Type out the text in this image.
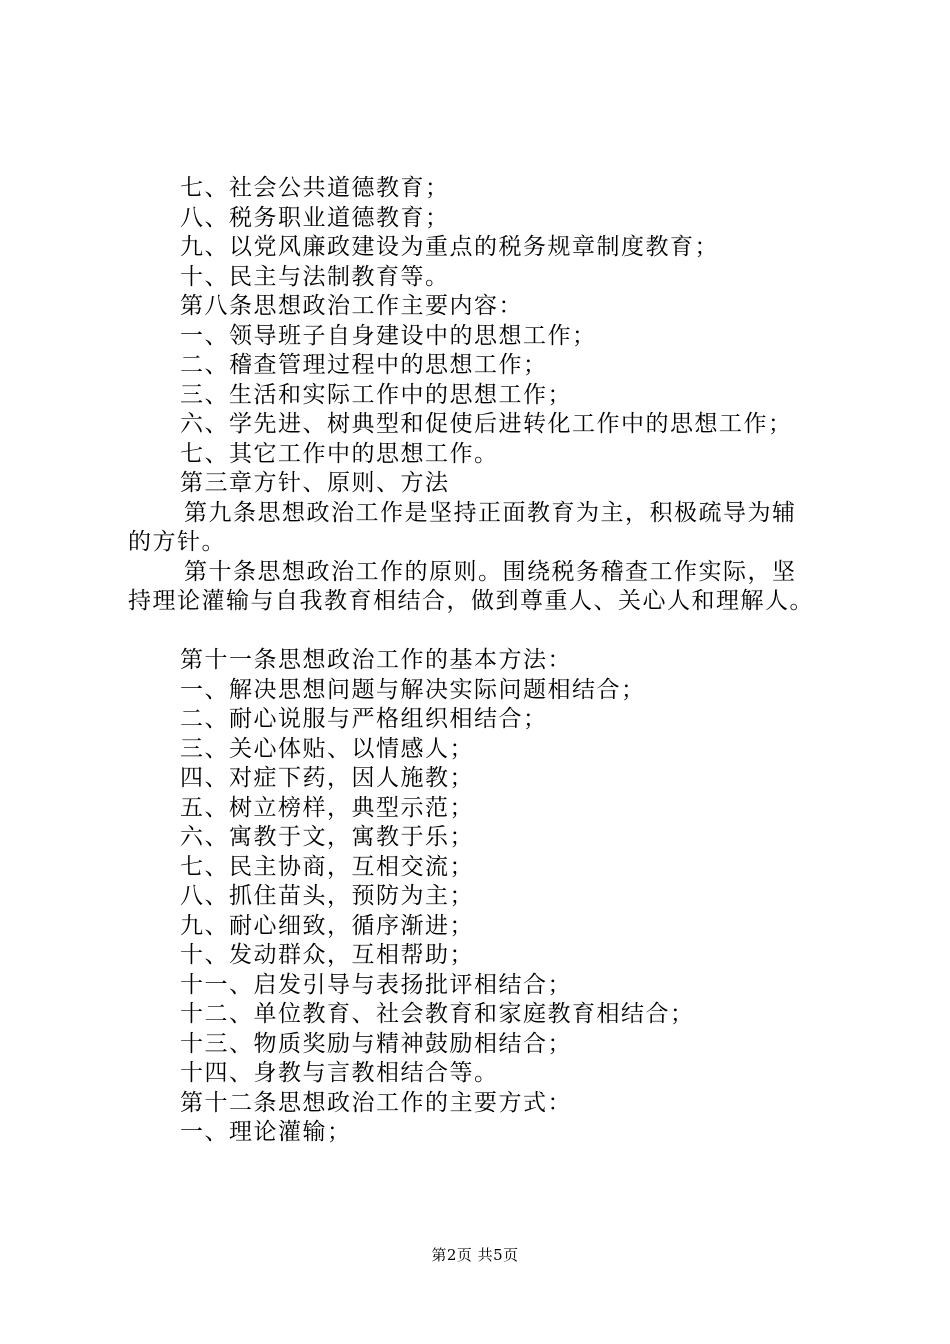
七、社会公共道德教育；
八、税务职业道德教育；
九、以党风廉政建设为重点的税务规章制度教育；
十、民主与法制教育等。
第八条思想政治工作主要内容：
一、领导班子自身建设中的思想工作；
二、稽查管理过程中的思想工作；
三、生活和实际工作中的思想工作；
六、学先进、树典型和促使后进转化工作中的思想工作；
七、其它工作中的思想工作。
第三章方针、原则、方法
第九条思想政治工作是坚持正面教育为主，积极疏导为辅
的方针。
第十条思想政治工作的原则。围绕税务稽查工作实际，坚
持理论灌输与自我教育相结合，做到尊重人、关心人和理解人。
第十一条思想政治工作的基本方法：
一、解决思想问题与解决实际问题相结合；
二、耐心说服与严格组织相结合；
三、关心体贴、以情感人；
四、对症下药，因人施教；
五、树立榜样，典型示范；
六、寓教于文，寓教于乐；
七、民主协商，互相交流；
八、抓住苗头，预防为主；
九、耐心细致，循序渐进；
十、发动群众，互相帮助；
十一、启发引导与表扬批评相结合；
十二、单位教育、社会教育和家庭教育相结合；
十三、物质奖励与精神鼓励相结合；
十四、身教与言教相结合等。
第十二条思想政治工作的主要方式：
一、理论灌输；
第2页 共5页
